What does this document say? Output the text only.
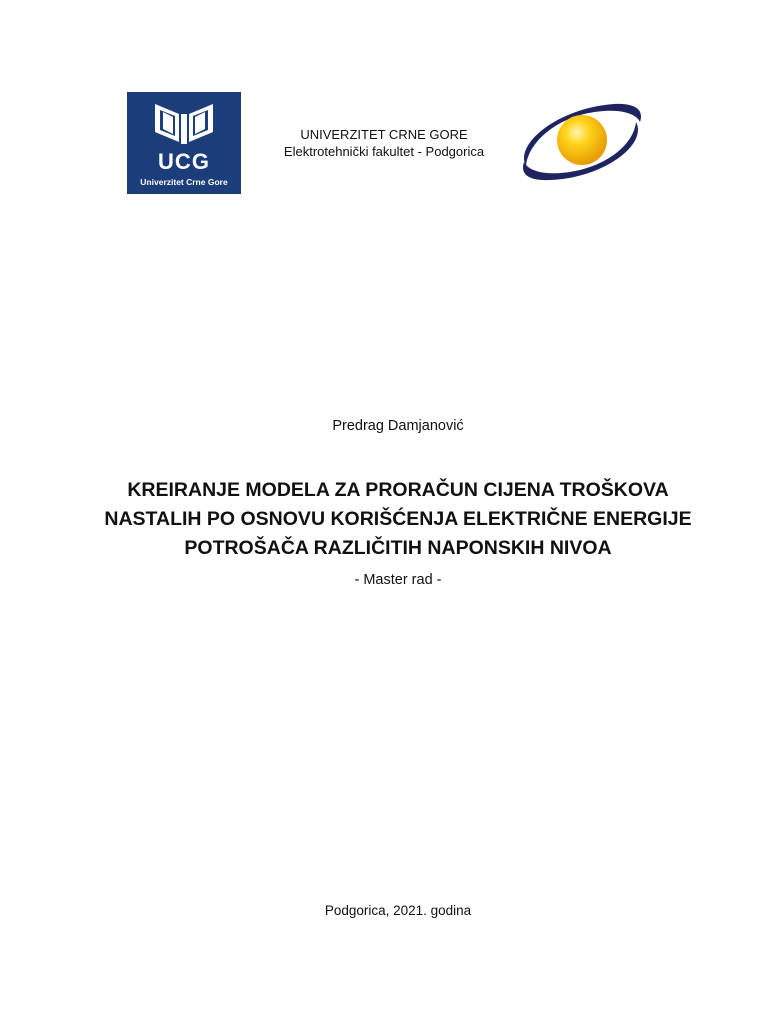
UCG
Univerzitet Crne Gore
UNIVERZITET CRNE GORE
Elektrotehnički fakultet - Podgorica
Predrag Damjanović
KREIRANJE MODELA ZA PRORAČUN CIJENA TROŠKOVA
NASTALIH PO OSNOVU KORIŠĆENJA ELEKTRIČNE ENERGIJE
POTROŠAČA RAZLIČITIH NAPONSKIH NIVOA
- Master rad -
Podgorica, 2021. godina
